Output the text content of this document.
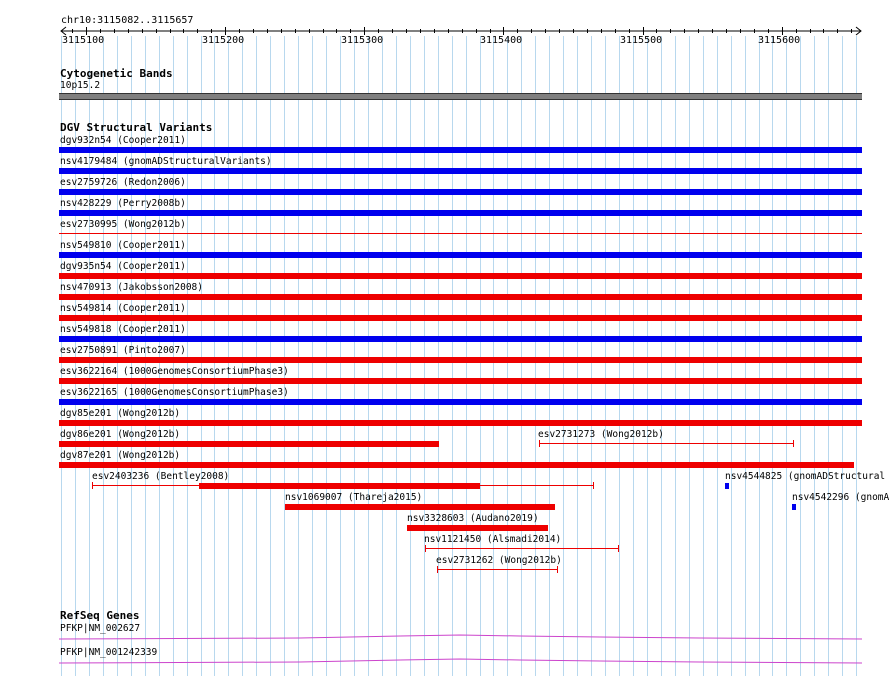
chr10:3115082..3115657
3115100	3115200	3115300	3115400	3115500	3115600
Cytogenetic Bands
10p15.2
DGV Structural Variants
dgv932n54 (Cooper2011)
nsv4179484 (gnomADStructuralVariants)
esv2759726 (Redon2006)
nsv428229 (Perry2008b)
esv2730995 (Wong2012b)
nsv549810 (Cooper2011)
dgv935n54 (Cooper2011)
nsv470913 (Jakobsson2008)
nsv549814 (Cooper2011)
nsv549818 (Cooper2011)
esv2750891 (Pinto2007)
esv3622164 (1000GenomesConsortiumPhase3)
esv3622165 (1000GenomesConsortiumPhase3)
dgv85e201 (Wong2012b)
dgv86e201 (Wong2012b)	esv2731273 (Wong2012b)
dgv87e201 (Wong2012b)
esv2403236 (Bentley2008)	nsv4544825 (gnomADStructural
nsv1069007 (Thareja2015)	nsv4542296 (gnomA
nsv3328603 (Audano2019)
nsv1121450 (Alsmadi2014)
esv2731262 (Wong2012b)
RefSeq Genes
PFKP|NM_002627
PFKP|NM_001242339
